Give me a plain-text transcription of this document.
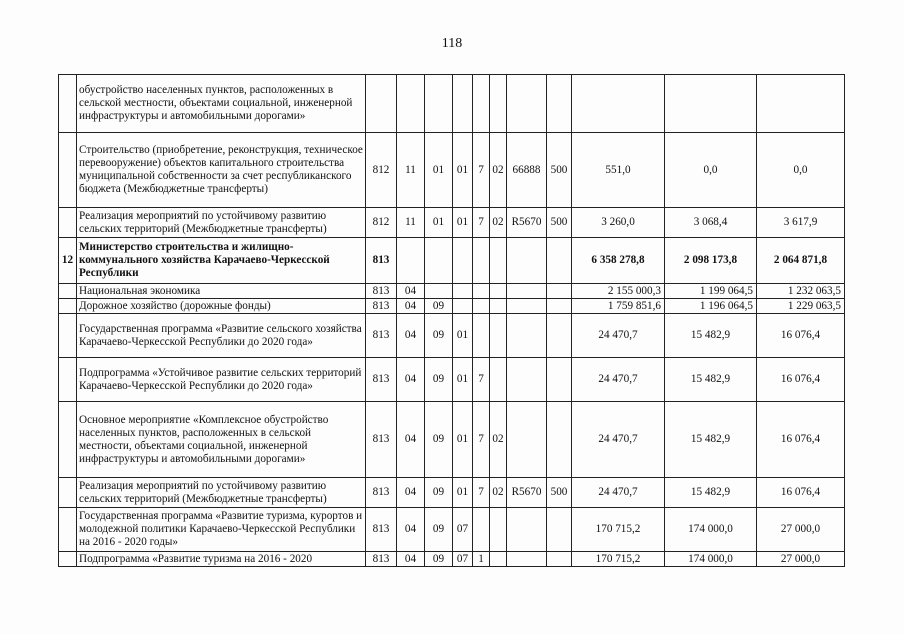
118
	обустройство населенных пунктов, расположенных в сельской местности, объектами социальной, инженерной инфраструктуры и автомобильными дорогами»											
	Строительство (приобретение, реконструкция, техническое перевооружение) объектов капитального строительства муниципальной собственности за счет республиканского бюджета (Межбюджетные трансферты)	812	11	01	01	7	02	66888	500	551,0	0,0	0,0
	Реализация мероприятий по устойчивому развитию сельских территорий (Межбюджетные трансферты)	812	11	01	01	7	02	R5670	500	3 260,0	3 068,4	3 617,9
12	Министерство строительства и жилищно-коммунального хозяйства Карачаево-Черкесской Республики	813								6 358 278,8	2 098 173,8	2 064 871,8
	Национальная экономика	813	04							2 155 000,3	1 199 064,5	1 232 063,5
	Дорожное хозяйство (дорожные фонды)	813	04	09						1 759 851,6	1 196 064,5	1 229 063,5
	Государственная программа «Развитие сельского хозяйства Карачаево-Черкесской Республики до 2020 года»	813	04	09	01					24 470,7	15 482,9	16 076,4
	Подпрограмма «Устойчивое развитие сельских территорий Карачаево-Черкесской Республики до 2020 года»	813	04	09	01	7				24 470,7	15 482,9	16 076,4
	Основное мероприятие «Комплексное обустройство населенных пунктов, расположенных в сельской местности, объектами социальной, инженерной инфраструктуры и автомобильными дорогами»	813	04	09	01	7	02			24 470,7	15 482,9	16 076,4
	Реализация мероприятий по устойчивому развитию сельских территорий (Межбюджетные трансферты)	813	04	09	01	7	02	R5670	500	24 470,7	15 482,9	16 076,4
	Государственная программа «Развитие туризма, курортов и молодежной политики Карачаево-Черкесской Республики на 2016 - 2020 годы»	813	04	09	07					170 715,2	174 000,0	27 000,0
	Подпрограмма «Развитие туризма на 2016 - 2020	813	04	09	07	1				170 715,2	174 000,0	27 000,0
